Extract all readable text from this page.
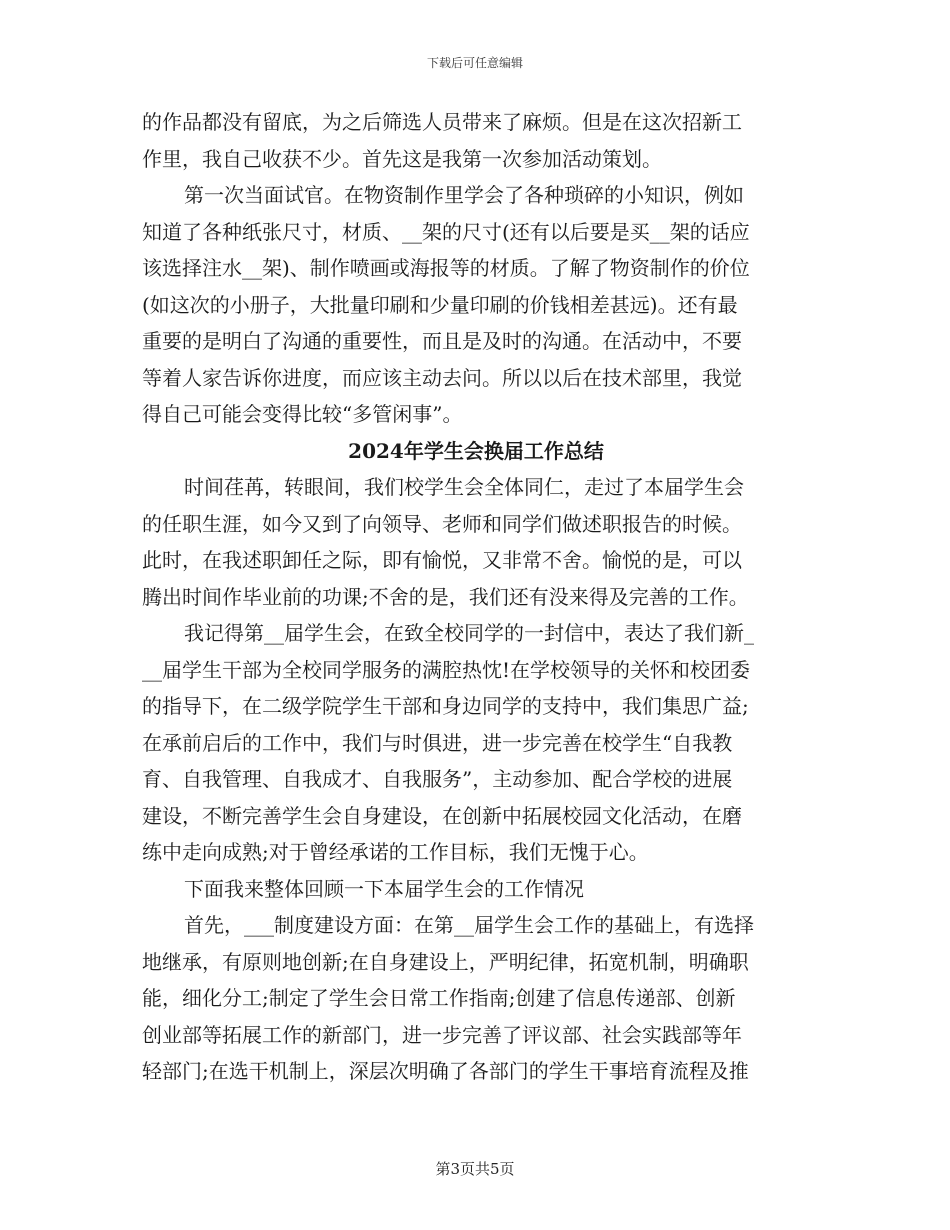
下载后可任意编辑
的作品都没有留底，为之后筛选人员带来了麻烦。但是在这次招新工
作里，我自己收获不少。首先这是我第一次参加活动策划。
第一次当面试官。在物资制作里学会了各种琐碎的小知识，例如
知道了各种纸张尺寸，材质、__架的尺寸(还有以后要是买__架的话应
该选择注水__架)、制作喷画或海报等的材质。了解了物资制作的价位
(如这次的小册子，大批量印刷和少量印刷的价钱相差甚远)。还有最
重要的是明白了沟通的重要性，而且是及时的沟通。在活动中，不要
等着人家告诉你进度，而应该主动去问。所以以后在技术部里，我觉
得自己可能会变得比较“多管闲事”。
2024年学生会换届工作总结
时间荏苒，转眼间，我们校学生会全体同仁，走过了本届学生会
的任职生涯，如今又到了向领导、老师和同学们做述职报告的时候。
此时，在我述职卸任之际，即有愉悦，又非常不舍。愉悦的是，可以
腾出时间作毕业前的功课;不舍的是，我们还有没来得及完善的工作。
我记得第__届学生会，在致全校同学的一封信中，表达了我们新_
__届学生干部为全校同学服务的满腔热忱!在学校领导的关怀和校团委
的指导下，在二级学院学生干部和身边同学的支持中，我们集思广益;
在承前启后的工作中，我们与时俱进，进一步完善在校学生“自我教
育、自我管理、自我成才、自我服务”，主动参加、配合学校的进展
建设，不断完善学生会自身建设，在创新中拓展校园文化活动，在磨
练中走向成熟;对于曾经承诺的工作目标，我们无愧于心。
下面我来整体回顾一下本届学生会的工作情况
首先，___制度建设方面：在第__届学生会工作的基础上，有选择
地继承，有原则地创新;在自身建设上，严明纪律，拓宽机制，明确职
能，细化分工;制定了学生会日常工作指南;创建了信息传递部、创新
创业部等拓展工作的新部门，进一步完善了评议部、社会实践部等年
轻部门;在选干机制上，深层次明确了各部门的学生干事培育流程及推
第3页共5页
